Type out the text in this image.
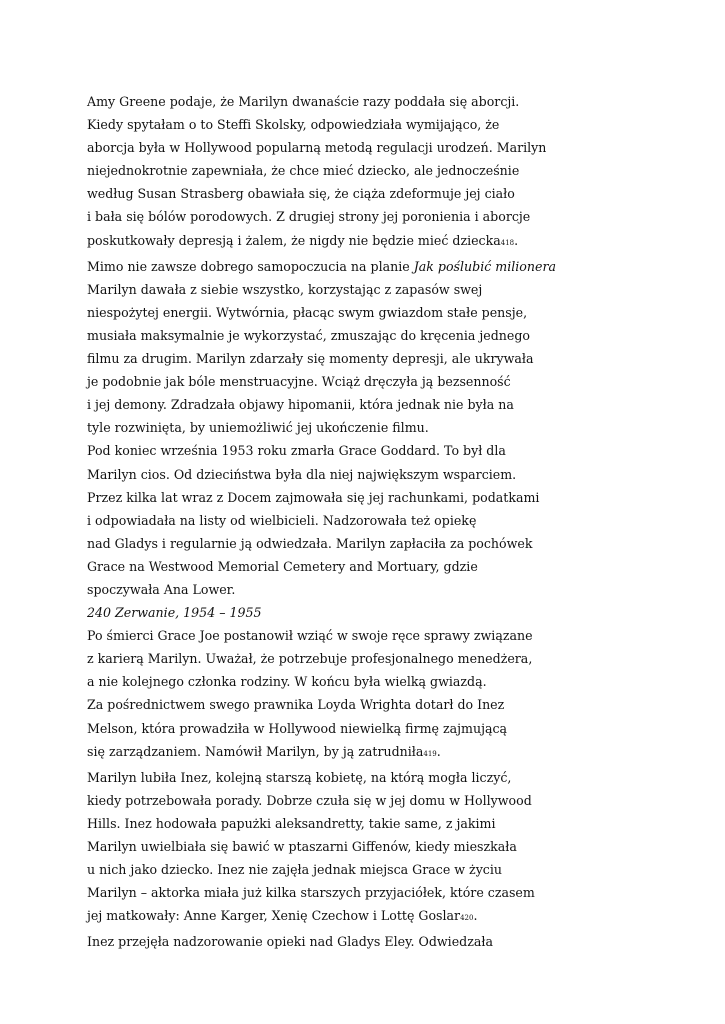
Amy Greene podaje, że Marilyn dwanaście razy poddała się aborcji.
Kiedy spytałam o to Steffi Skolsky, odpowiedziała wymijająco, że
aborcja była w Hollywood popularną metodą regulacji urodzeń. Marilyn
niejednokrotnie zapewniała, że chce mieć dziecko, ale jednocześnie
według Susan Strasberg obawiała się, że ciąża zdeformuje jej ciało
i bała się bólów porodowych. Z drugiej strony jej poronienia i aborcje
poskutkowały depresją i żalem, że nigdy nie będzie mieć dziecka418.
Mimo nie zawsze dobrego samopoczucia na planie Jak poślubić milionera
Marilyn dawała z siebie wszystko, korzystając z zapasów swej
niespożytej energii. Wytwórnia, płacąc swym gwiazdom stałe pensje,
musiała maksymalnie je wykorzystać, zmuszając do kręcenia jednego
filmu za drugim. Marilyn zdarzały się momenty depresji, ale ukrywała
je podobnie jak bóle menstruacyjne. Wciąż dręczyła ją bezsenność
i jej demony. Zdradzała objawy hipomanii, która jednak nie była na
tyle rozwinięta, by uniemożliwić jej ukończenie filmu.
Pod koniec września 1953 roku zmarła Grace Goddard. To był dla
Marilyn cios. Od dzieciństwa była dla niej największym wsparciem.
Przez kilka lat wraz z Docem zajmowała się jej rachunkami, podatkami
i odpowiadała na listy od wielbicieli. Nadzorowała też opiekę
nad Gladys i regularnie ją odwiedzała. Marilyn zapłaciła za pochówek
Grace na Westwood Memorial Cemetery and Mortuary, gdzie
spoczywała Ana Lower.
240 Zerwanie, 1954 – 1955
Po śmierci Grace Joe postanowił wziąć w swoje ręce sprawy związane
z karierą Marilyn. Uważał, że potrzebuje profesjonalnego menedżera,
a nie kolejnego członka rodziny. W końcu była wielką gwiazdą.
Za pośrednictwem swego prawnika Loyda Wrighta dotarł do Inez
Melson, która prowadziła w Hollywood niewielką firmę zajmującą
się zarządzaniem. Namówił Marilyn, by ją zatrudniła419.
Marilyn lubiła Inez, kolejną starszą kobietę, na którą mogła liczyć,
kiedy potrzebowała porady. Dobrze czuła się w jej domu w Hollywood
Hills. Inez hodowała papużki aleksandretty, takie same, z jakimi
Marilyn uwielbiała się bawić w ptaszarni Giffenów, kiedy mieszkała
u nich jako dziecko. Inez nie zajęła jednak miejsca Grace w życiu
Marilyn – aktorka miała już kilka starszych przyjaciółek, które czasem
jej matkowały: Anne Karger, Xenię Czechow i Lottę Goslar420.
Inez przejęła nadzorowanie opieki nad Gladys Eley. Odwiedzała
